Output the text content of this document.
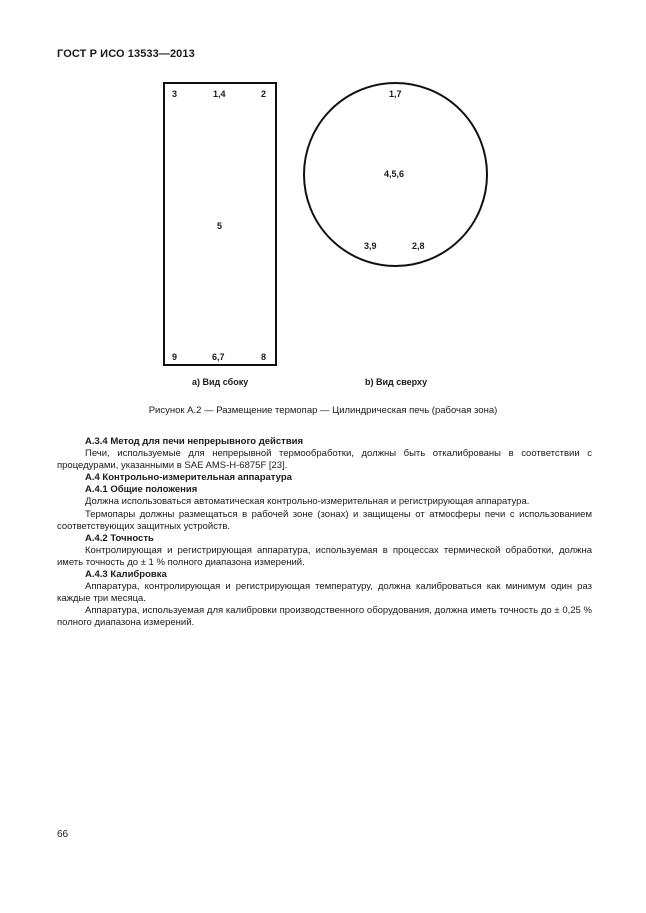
ГОСТ Р ИСО 13533—2013
3	1,4	2
5
9	6,7	8
a) Вид сбоку
1,7
4,5,6
3,9	2,8
b) Вид сверху
Рисунок А.2 — Размещение термопар — Цилиндрическая печь (рабочая зона)

А.3.4 Метод для печи непрерывного действия

Печи, используемые для непрерывной термообработки, должны быть откалиброваны в соответствии с процедурами, указанными в SAE AMS-H-6875F [23].

А.4 Контрольно-измерительная аппаратура

А.4.1 Общие положения

Должна использоваться автоматическая контрольно-измерительная и регистрирующая аппаратура.

Термопары должны размещаться в рабочей зоне (зонах) и защищены от атмосферы печи с использованием соответствующих защитных устройств.

А.4.2 Точность

Контролирующая и регистрирующая аппаратура, используемая в процессах термической обработки, должна иметь точность до ± 1 % полного диапазона измерений.

А.4.3 Калибровка

Аппаратура, контролирующая и регистрирующая температуру, должна калиброваться как минимум один раз каждые три месяца.

Аппаратура, используемая для калибровки производственного оборудования, должна иметь точность до ± 0,25 % полного диапазона измерений.

66
